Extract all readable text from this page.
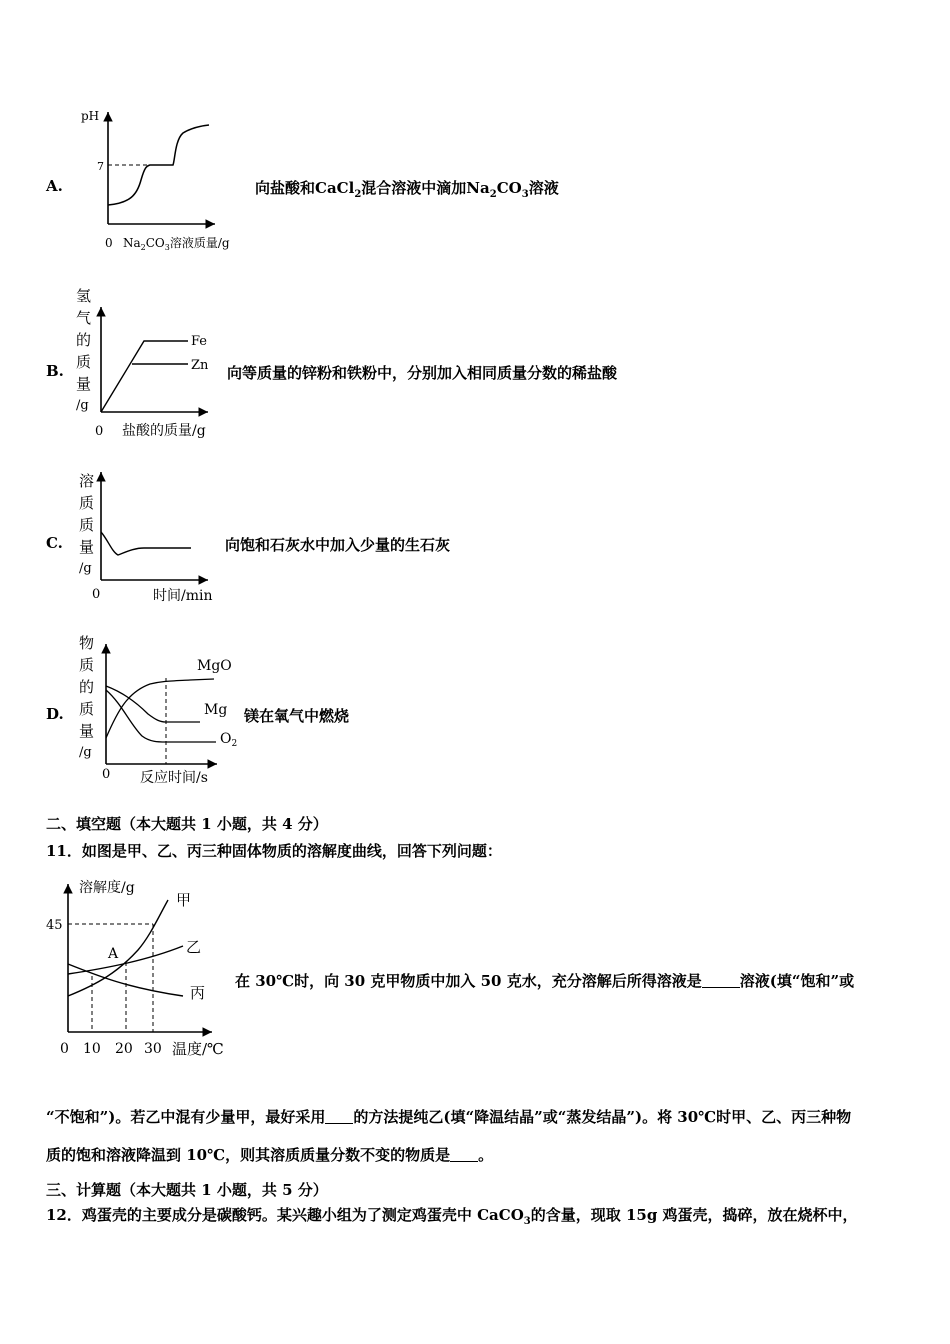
A.
pH
7
0 $Na_2CO_3$溶液质量/g
向盐酸和CaCl$_2$混合溶液中滴加$Na_2CO_3$溶液
B.
氢
气
的
质
量
/g
Fe
Zn
0 盐酸的质量/g
向等质量的锌粉和铁粉中，分别加入相同质量分数的稀盐酸
C.
溶
质
质
量
/g
0	时间/min
向饱和石灰水中加入少量的生石灰
D.
物
质
的
质
量
/g
MgO
Mg
$O_2$
0 反应时间/s
镁在氧气中燃烧
二、填空题（本大题共 1 小题，共 4 分）
11．如图是甲、乙、丙三种固体物质的溶解度曲线，回答下列问题：
溶解度/g
45
A
甲
乙
丙
0 10 20 30 温度/℃
在 30℃时，向 30 克甲物质中加入 50 克水，充分溶解后所得溶液是	溶液(填“饱和”或
“不饱和”)。若乙中混有少量甲，最好采用 的方法提纯乙(填“降温结晶”或“蒸发结晶”)。将 30℃时甲、乙、丙三种物
质的饱和溶液降温到 10℃，则其溶质质量分数不变的物质是 。
三、计算题（本大题共 1 小题，共 5 分）
12．鸡蛋壳的主要成分是碳酸钙。某兴趣小组为了测定鸡蛋壳中 CaCO$_3$的含量，现取 15g 鸡蛋壳，捣碎，放在烧杯中，
